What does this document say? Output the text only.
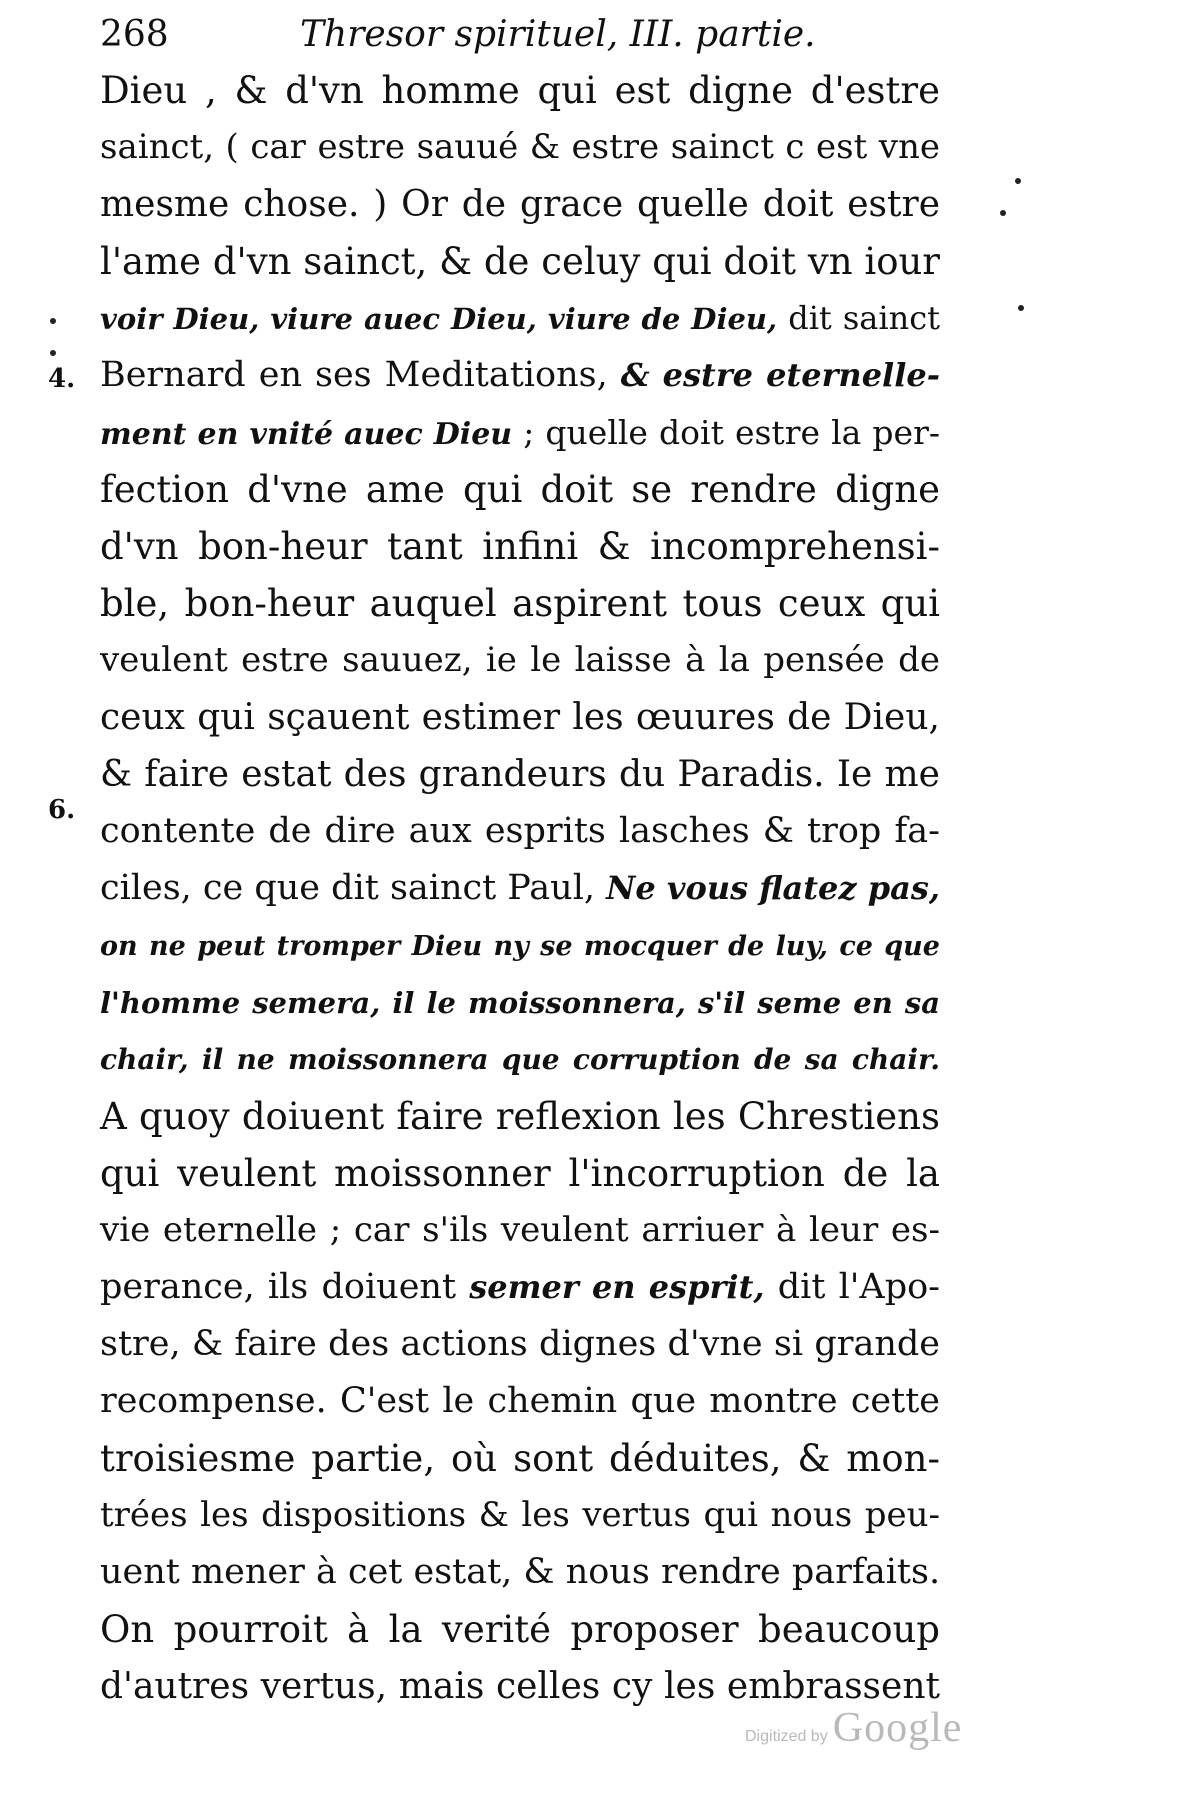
268	Thresor spirituel, III. partie.
4.
6.
Dieu , & d'vn homme qui est digne d'estre
sainct, ( car estre sauué & estre sainct c est vne
mesme chose. ) Or de grace quelle doit estre
l'ame d'vn sainct, & de celuy qui doit vn iour
voir Dieu, viure auec Dieu, viure de Dieu, dit sainct
Bernard en ses Meditations, & estre eternelle-
ment en vnité auec Dieu ; quelle doit estre la per-
fection d'vne ame qui doit se rendre digne
d'vn bon-heur tant infini & incomprehensi-
ble, bon-heur auquel aspirent tous ceux qui
veulent estre sauuez, ie le laisse à la pensée de
ceux qui sçauent estimer les œuures de Dieu,
& faire estat des grandeurs du Paradis. Ie me
contente de dire aux esprits lasches & trop fa-
ciles, ce que dit sainct Paul, Ne vous flatez pas,
on ne peut tromper Dieu ny se mocquer de luy, ce que
l'homme semera, il le moissonnera, s'il seme en sa
chair, il ne moissonnera que corruption de sa chair.
A quoy doiuent faire reflexion les Chrestiens
qui veulent moissonner l'incorruption de la
vie eternelle ; car s'ils veulent arriuer à leur es-
perance, ils doiuent semer en esprit, dit l'Apo-
stre, & faire des actions dignes d'vne si grande
recompense. C'est le chemin que montre cette
troisiesme partie, où sont déduites, & mon-
trées les dispositions & les vertus qui nous peu-
uent mener à cet estat, & nous rendre parfaits.
On pourroit à la verité proposer beaucoup
d'autres vertus, mais celles cy les embrassent
Digitized by Google
